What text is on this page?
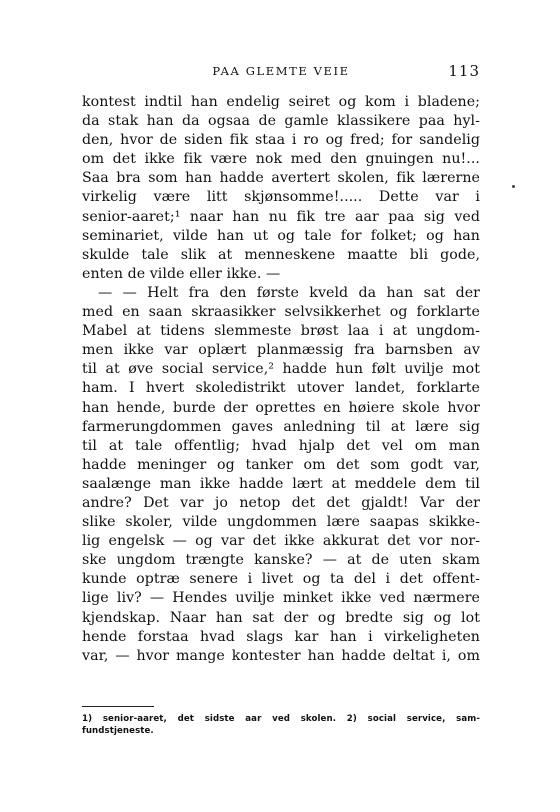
PAA GLEMTE VEIE	113
kontest indtil han endelig seiret og kom i bladene;
da stak han da ogsaa de gamle klassikere paa hyl-
den, hvor de siden fik staa i ro og fred; for sandelig
om det ikke fik være nok med den gnuingen nu!...
Saa bra som han hadde avertert skolen, fik lærerne
virkelig være litt skjønsomme!..... Dette var i
senior-aaret;¹ naar han nu fik tre aar paa sig ved
seminariet, vilde han ut og tale for folket; og han
skulde tale slik at menneskene maatte bli gode,
enten de vilde eller ikke. —
— — Helt fra den første kveld da han sat der
med en saan skraasikker selvsikkerhet og forklarte
Mabel at tidens slemmeste brøst laa i at ungdom-
men ikke var oplært planmæssig fra barnsben av
til at øve social service,² hadde hun følt uvilje mot
ham. I hvert skoledistrikt utover landet, forklarte
han hende, burde der oprettes en høiere skole hvor
farmerungdommen gaves anledning til at lære sig
til at tale offentlig; hvad hjalp det vel om man
hadde meninger og tanker om det som godt var,
saalænge man ikke hadde lært at meddele dem til
andre? Det var jo netop det det gjaldt! Var der
slike skoler, vilde ungdommen lære saapas skikke-
lig engelsk — og var det ikke akkurat det vor nor-
ske ungdom trængte kanske? — at de uten skam
kunde optræ senere i livet og ta del i det offent-
lige liv? — Hendes uvilje minket ikke ved nærmere
kjendskap. Naar han sat der og bredte sig og lot
hende forstaa hvad slags kar han i virkeligheten
var, — hvor mange kontester han hadde deltat i, om
1) senior-aaret, det sidste aar ved skolen. 2) social service, sam-
fundstjeneste.
